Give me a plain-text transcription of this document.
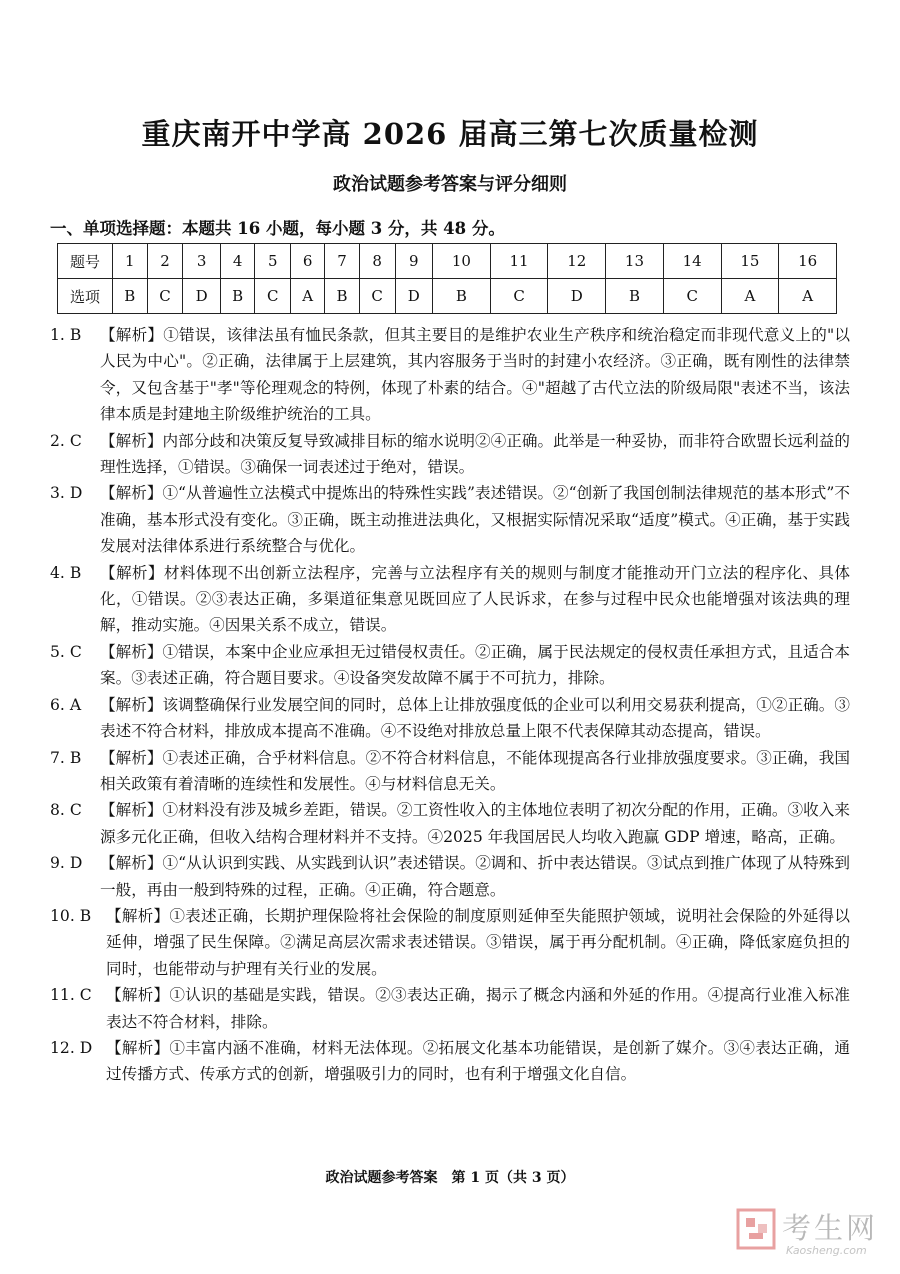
重庆南开中学高 2026 届高三第七次质量检测
政治试题参考答案与评分细则
一、单项选择题：本题共 16 小题，每小题 3 分，共 48 分。
题号	1	2	3	4	5	6	7	8	9	10	11	12	13	14	15	16
选项	B	C	D	B	C	A	B	C	D	B	C	D	B	C	A	A
1. B 【解析】①错误，该律法虽有恤民条款，但其主要目的是维护农业生产秩序和统治稳定而非现代意义上的"以人民为中心"。②正确，法律属于上层建筑，其内容服务于当时的封建小农经济。③正确，既有刚性的法律禁令，又包含基于"孝"等伦理观念的特例，体现了朴素的结合。④"超越了古代立法的阶级局限"表述不当，该法律本质是封建地主阶级维护统治的工具。
2. C 【解析】内部分歧和决策反复导致减排目标的缩水说明②④正确。此举是一种妥协，而非符合欧盟长远利益的理性选择，①错误。③确保一词表述过于绝对，错误。
3. D 【解析】①“从普遍性立法模式中提炼出的特殊性实践”表述错误。②“创新了我国创制法律规范的基本形式”不准确，基本形式没有变化。③正确，既主动推进法典化，又根据实际情况采取“适度”模式。④正确，基于实践发展对法律体系进行系统整合与优化。
4. B 【解析】材料体现不出创新立法程序，完善与立法程序有关的规则与制度才能推动开门立法的程序化、具体化，①错误。②③表达正确，多渠道征集意见既回应了人民诉求，在参与过程中民众也能增强对该法典的理解，推动实施。④因果关系不成立，错误。
5. C 【解析】①错误，本案中企业应承担无过错侵权责任。②正确，属于民法规定的侵权责任承担方式，且适合本案。③表述正确，符合题目要求。④设备突发故障不属于不可抗力，排除。
6. A 【解析】该调整确保行业发展空间的同时，总体上让排放强度低的企业可以利用交易获利提高，①②正确。③表述不符合材料，排放成本提高不准确。④不设绝对排放总量上限不代表保障其动态提高，错误。
7. B 【解析】①表述正确，合乎材料信息。②不符合材料信息，不能体现提高各行业排放强度要求。③正确，我国相关政策有着清晰的连续性和发展性。④与材料信息无关。
8. C 【解析】①材料没有涉及城乡差距，错误。②工资性收入的主体地位表明了初次分配的作用，正确。③收入来源多元化正确，但收入结构合理材料并不支持。④2025 年我国居民人均收入跑赢 GDP 增速，略高，正确。
9. D 【解析】①“从认识到实践、从实践到认识”表述错误。②调和、折中表达错误。③试点到推广体现了从特殊到一般，再由一般到特殊的过程，正确。④正确，符合题意。
10. B 【解析】①表述正确，长期护理保险将社会保险的制度原则延伸至失能照护领域，说明社会保险的外延得以延伸，增强了民生保障。②满足高层次需求表述错误。③错误，属于再分配机制。④正确，降低家庭负担的同时，也能带动与护理有关行业的发展。
11. C 【解析】①认识的基础是实践，错误。②③表达正确，揭示了概念内涵和外延的作用。④提高行业准入标准表达不符合材料，排除。
12. D 【解析】①丰富内涵不准确，材料无法体现。②拓展文化基本功能错误，是创新了媒介。③④表达正确，通过传播方式、传承方式的创新，增强吸引力的同时，也有利于增强文化自信。
政治试题参考答案　第 1 页（共 3 页）
考生网
Kaosheng.com
